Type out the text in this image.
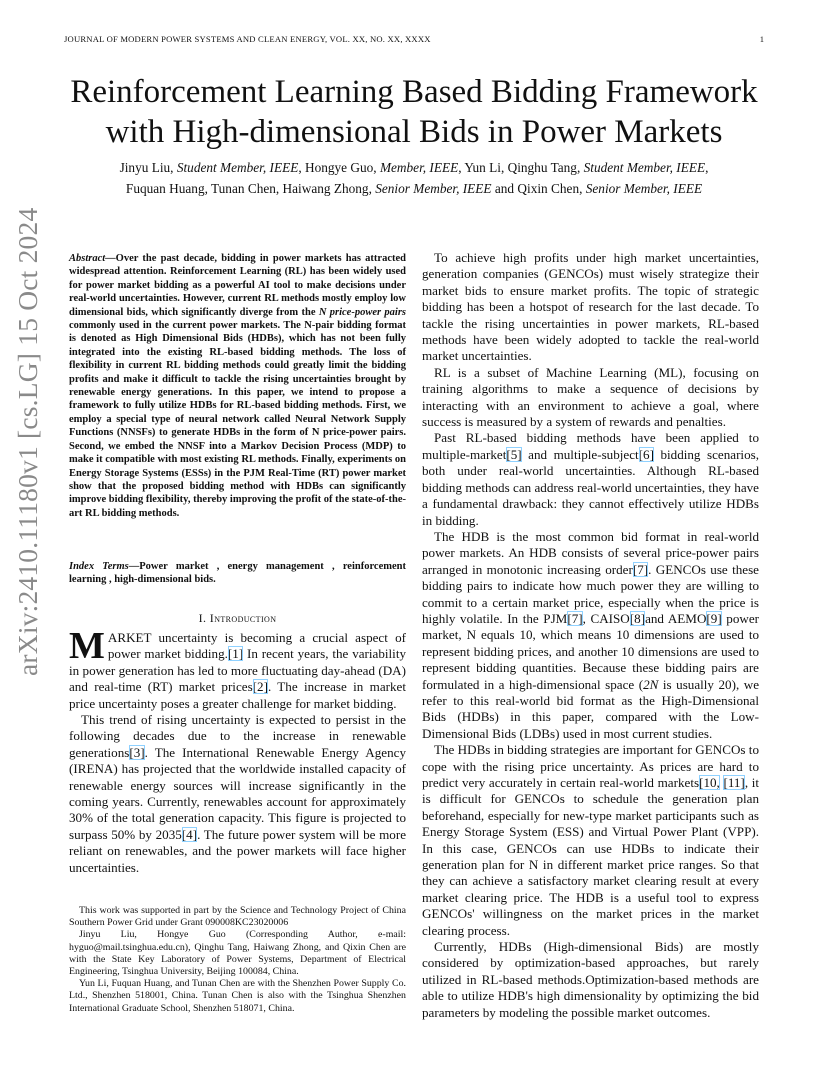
JOURNAL OF MODERN POWER SYSTEMS AND CLEAN ENERGY, VOL. XX, NO. XX, XXXX	1
Reinforcement Learning Based Bidding Framework
with High-dimensional Bids in Power Markets
Jinyu Liu, Student Member, IEEE, Hongye Guo, Member, IEEE, Yun Li, Qinghu Tang, Student Member, IEEE,
Fuquan Huang, Tunan Chen, Haiwang Zhong, Senior Member, IEEE and Qixin Chen, Senior Member, IEEE
arXiv:2410.11180v1 [cs.LG] 15 Oct 2024 Abstract—Over the past decade, bidding in power markets has attracted widespread attention. Reinforcement Learning (RL) has been widely used for power market bidding as a powerful AI tool to make decisions under real-world uncertainties. However, current RL methods mostly employ low dimensional bids, which significantly diverge from the N price-power pairs commonly used in the current power markets. The N-pair bidding format is denoted as High Dimensional Bids (HDBs), which has not been fully integrated into the existing RL-based bidding methods. The loss of flexibility in current RL bidding methods could greatly limit the bidding profits and make it difficult to tackle the rising uncertainties brought by renewable energy generations. In this paper, we intend to propose a framework to fully utilize HDBs for RL-based bidding methods. First, we employ a special type of neural network called Neural Network Supply Functions (NNSFs) to generate HDBs in the form of N price-power pairs. Second, we embed the NNSF into a Markov Decision Process (MDP) to make it compatible with most existing RL methods. Finally, experiments on Energy Storage Systems (ESSs) in the PJM Real-Time (RT) power market show that the proposed bidding method with HDBs can significantly improve bidding flexibility, thereby improving the profit of the state-of-the-art RL bidding methods.
Index Terms—Power market , energy management , reinforcement learning , high-dimensional bids.
I. Introduction

MARKET uncertainty is becoming a crucial aspect of power market bidding.[1] In recent years, the variability in power generation has led to more fluctuating day-ahead (DA) and real-time (RT) market prices[2]. The increase in market price uncertainty poses a greater challenge for market bidding.

This trend of rising uncertainty is expected to persist in the following decades due to the increase in renewable generations[3]. The International Renewable Energy Agency (IRENA) has projected that the worldwide installed capacity of renewable energy sources will increase significantly in the coming years. Currently, renewables account for approximately 30% of the total generation capacity. This figure is projected to surpass 50% by 2035[4]. The future power system will be more reliant on renewables, and the power markets will face higher uncertainties.

This work was supported in part by the Science and Technology Project of China Southern Power Grid under Grant 090008KC23020006

Jinyu Liu, Hongye Guo (Corresponding Author, e-mail: hyguo@mail.tsinghua.edu.cn), Qinghu Tang, Haiwang Zhong, and Qixin Chen are with the State Key Laboratory of Power Systems, Department of Electrical Engineering, Tsinghua University, Beijing 100084, China.

Yun Li, Fuquan Huang, and Tunan Chen are with the Shenzhen Power Supply Co. Ltd., Shenzhen 518001, China. Tunan Chen is also with the Tsinghua Shenzhen International Graduate School, Shenzhen 518071, China.

To achieve high profits under high market uncertainties, generation companies (GENCOs) must wisely strategize their market bids to ensure market profits. The topic of strategic bidding has been a hotspot of research for the last decade. To tackle the rising uncertainties in power markets, RL-based methods have been widely adopted to tackle the real-world market uncertainties.

RL is a subset of Machine Learning (ML), focusing on training algorithms to make a sequence of decisions by interacting with an environment to achieve a goal, where success is measured by a system of rewards and penalties.

Past RL-based bidding methods have been applied to multiple-market[5] and multiple-subject[6] bidding scenarios, both under real-world uncertainties. Although RL-based bidding methods can address real-world uncertainties, they have a fundamental drawback: they cannot effectively utilize HDBs in bidding.

The HDB is the most common bid format in real-world power markets. An HDB consists of several price-power pairs arranged in monotonic increasing order[7]. GENCOs use these bidding pairs to indicate how much power they are willing to commit to a certain market price, especially when the price is highly volatile. In the PJM[7], CAISO[8]and AEMO[9] power market, N equals 10, which means 10 dimensions are used to represent bidding prices, and another 10 dimensions are used to represent bidding quantities. Because these bidding pairs are formulated in a high-dimensional space (2N is usually 20), we refer to this real-world bid format as the High-Dimensional Bids (HDBs) in this paper, compared with the Low-Dimensional Bids (LDBs) used in most current studies.

The HDBs in bidding strategies are important for GENCOs to cope with the rising price uncertainty. As prices are hard to predict very accurately in certain real-world markets[10, [11], it is difficult for GENCOs to schedule the generation plan beforehand, especially for new-type market participants such as Energy Storage System (ESS) and Virtual Power Plant (VPP). In this case, GENCOs can use HDBs to indicate their generation plan for N in different market price ranges. So that they can achieve a satisfactory market clearing result at every market clearing price. The HDB is a useful tool to express GENCOs' willingness on the market prices in the market clearing process.

Currently, HDBs (High-dimensional Bids) are mostly considered by optimization-based approaches, but rarely utilized in RL-based methods.Optimization-based methods are able to utilize HDB's high dimensionality by optimizing the bid parameters by modeling the possible market outcomes.
